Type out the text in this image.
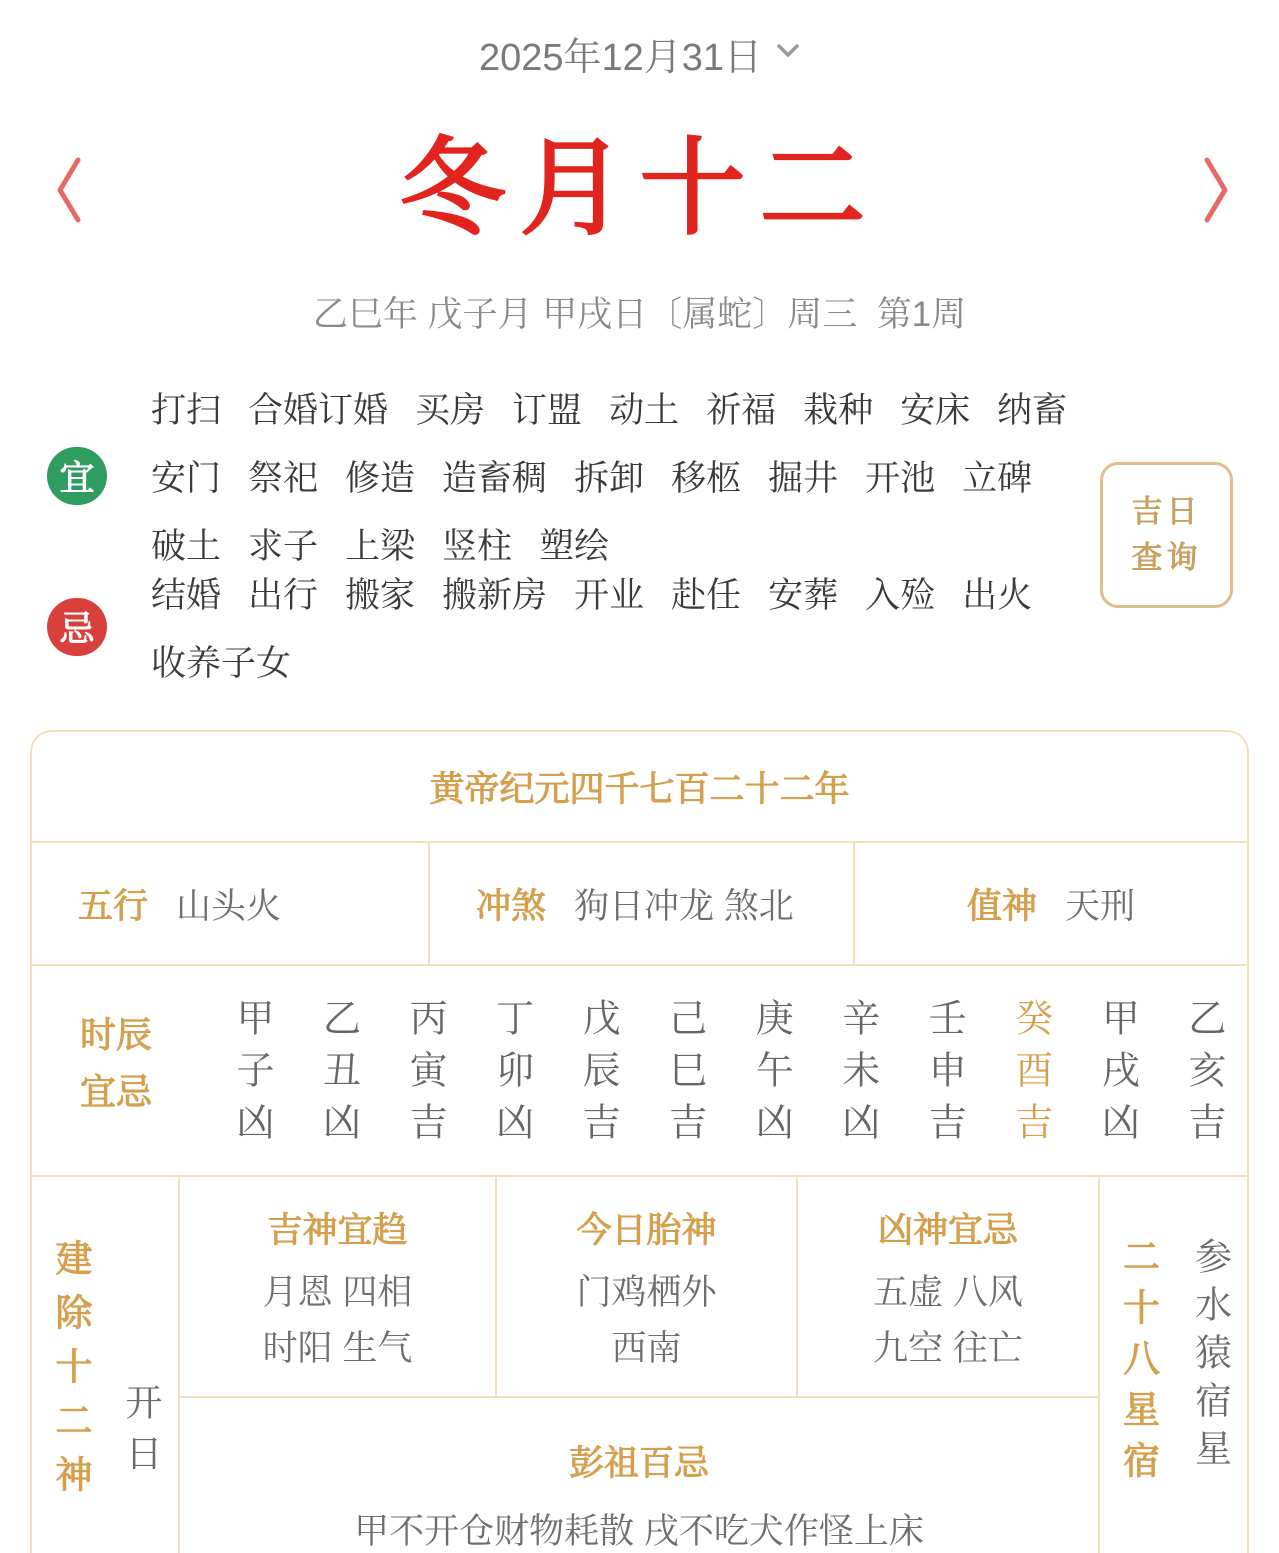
2025年12月31日
冬月十二
乙巳年 戊子月 甲戌日〔属蛇〕周三  第1周
宜
打扫 合婚订婚 买房 订盟 动土 祈福 栽种 安床 纳畜
安门 祭祀 修造 造畜稠 拆卸 移柩 掘井 开池 立碑
破土 求子 上梁 竖柱 塑绘
忌
结婚 出行 搬家 搬新房 开业 赴任 安葬 入殓 出火
收养子女
吉日
查询
黄帝纪元四千七百二十二年
五行 山头火	冲煞 狗日冲龙 煞北	值神 天刑
时辰
宜忌 甲子凶 乙丑凶 丙寅吉 丁卯凶 戊辰吉 己巳吉 庚午凶 辛未凶 壬申吉 癸酉吉 甲戌凶 乙亥吉
建除十二神 开日
吉神宜趋
月恩 四相
时阳 生气
今日胎神
门鸡栖外
西南
凶神宜忌
五虚 八风
九空 往亡	二十八星宿 参水猿宿星
彭祖百忌
甲不开仓财物耗散 戌不吃犬作怪上床
